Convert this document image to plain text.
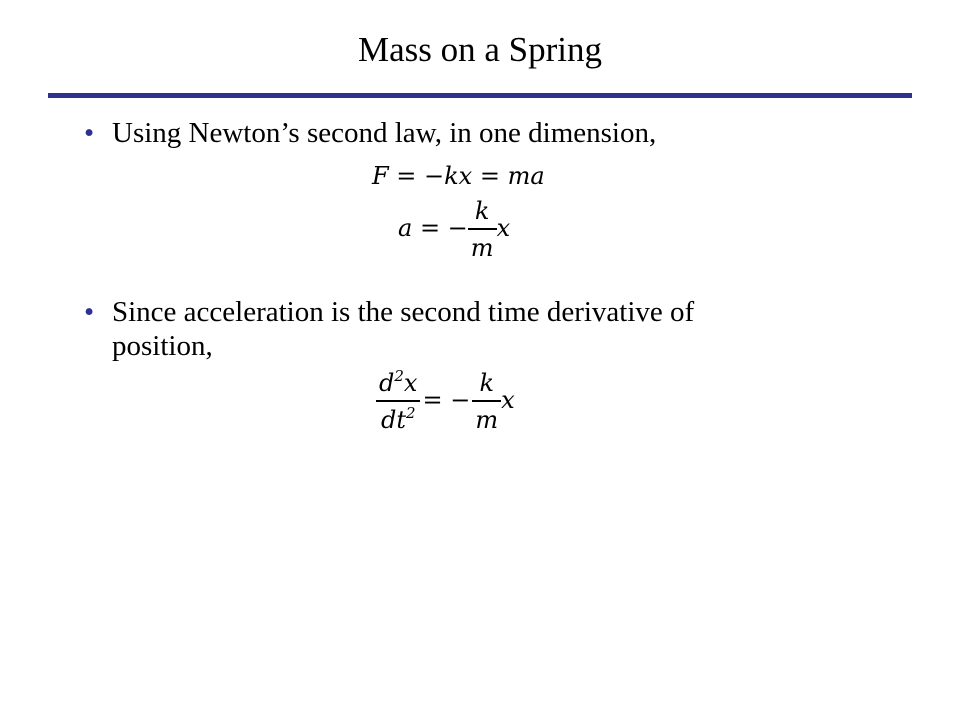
Mass on a Spring
• Using Newton’s second law, in one dimension,
F = −kx = ma
a = − $\frac{k}{m}$ x
• Since acceleration is the second time derivative of
position,
$\frac{d^2x}{dt^2}$ = − $\frac{k}{m}$ x
